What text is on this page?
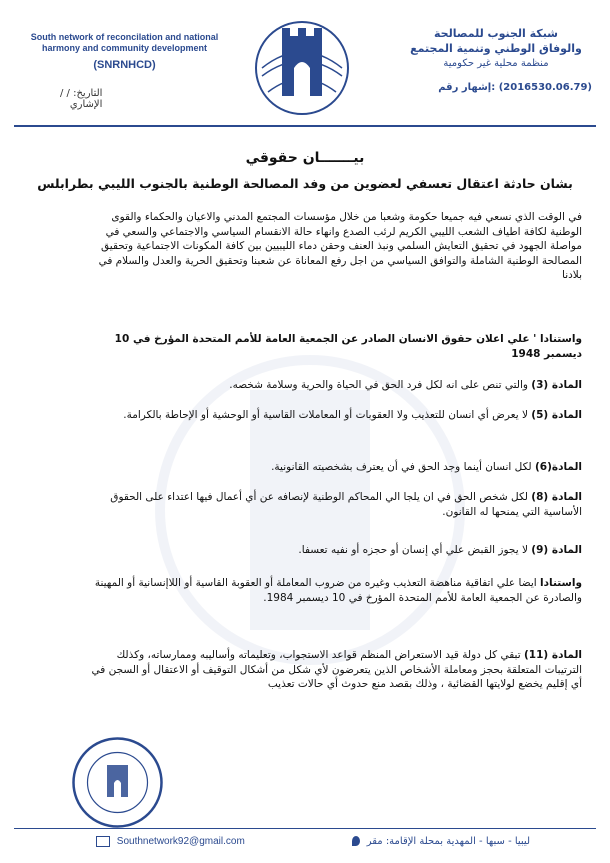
South network of reconcilation and national
harmony and community development
(SNRNHCD)
شبكة الجنوب للمصالحة
والوفاق الوطني وتنمية المجتمع
منظمة محلية غير حكومية
التاريخ: / /
الإشاري
(2016530.06.79) :إشهار رقم
بيـــــــان حقوقي
بشان حادثة اعتقال تعسفي لعضوين من وفد المصالحة الوطنية بالجنوب الليبي بطرابلس
في الوقت الذي نسعي فيه جميعا حكومة وشعبا من خلال مؤسسات المجتمع المدني والاعيان والحكماء والقوى الوطنية لكافة اطياف الشعب الليبي الكريم لرئب الصدع وانهاء حالة الانقسام السياسي والاجتماعي والسعي في مواصلة الجهود في تحقيق التعايش السلمي ونبذ العنف وحقن دماء الليبيين بين كافة المكونات الاجتماعية وتحقيق المصالحة الوطنية الشاملة والتوافق السياسي من اجل رفع المعاناة عن شعبنا وتحقيق الحرية والعدل والسلام في بلادنا
واستنادا ' علي اعلان حقوق الانسان الصادر عن الجمعية العامة للأمم المتحدة المؤرخ في 10 ديسمبر 1948
المادة (3) والتي تنص على انه لكل فرد الحق في الحياة والحرية وسلامة شخصه.
المادة (5) لا يعرض أي انسان للتعذيب ولا العقوبات أو المعاملات القاسية أو الوحشية أو الإحاطة بالكرامة.
المادة(6) لكل انسان أينما وجد الحق في أن يعترف بشخصيته القانونية.
المادة (8) لكل شخص الحق في ان يلجا الي المحاكم الوطنية لإنصافه عن أي أعمال فيها اعتداء على الحقوق الأساسية التي يمنحها له القانون.
المادة (9) لا يجوز القبض علي أي إنسان أو حجزه أو نفيه تعسفا.
واستنادا ايضا علي اتفاقية مناهضة التعذيب وغيره من ضروب المعاملة أو العقوبة القاسية أو اللاإنسانية أو المهينة والصادرة عن الجمعية العامة للأمم المتحدة المؤرخ في 10 ديسمبر 1984.
المادة (11) تبقي كل دولة قيد الاستعراض المنظم قواعد الاستجواب، وتعليماته وأساليبه وممارساته، وكذلك الترتيبات المتعلقة بحجز ومعاملة الأشخاص الذين يتعرضون لأي شكل من أشكال التوقيف أو الاعتقال أو السجن في أي إقليم يخضع لولايتها القضائية ، وذلك بقصد منع حدوث أي حالات تعذيب
Southnetwork92@gmail.com	ليبيا - سبها - المهدية بمحلة الإقامة: مقر
